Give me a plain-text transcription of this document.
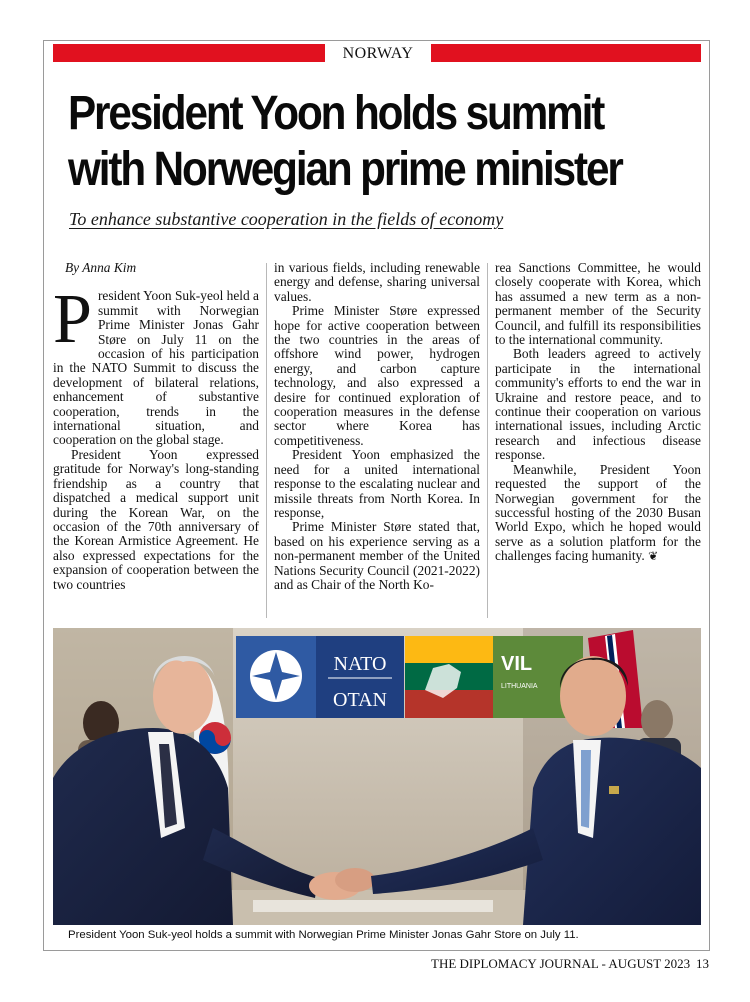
NORWAY
President Yoon holds summit
with Norwegian prime minister

To enhance substantive cooperation in the fields of economy

By Anna Kim

President Yoon Suk-yeol held a summit with Norwegian Prime Minister Jonas Gahr Støre on July 11 on the occasion of his participation in the NATO Summit to discuss the development of bilateral relations, enhancement of substantive cooperation, trends in the international situation, and cooperation on the global stage.

President Yoon expressed gratitude for Norway's long-standing friendship as a country that dispatched a medical support unit during the Korean War, on the occasion of the 70th anniversary of the Korean Armistice Agreement. He also expressed expectations for the expansion of cooperation between the two countries

in various fields, including renewable energy and defense, sharing universal values.

Prime Minister Støre expressed hope for active cooperation between the two countries in the areas of offshore wind power, hydrogen energy, and carbon capture technology, and also expressed a desire for continued exploration of cooperation measures in the defense sector where Korea has competitiveness.

President Yoon emphasized the need for a united international response to the escalating nuclear and missile threats from North Korea. In response,

Prime Minister Støre stated that, based on his experience serving as a non-permanent member of the United Nations Security Council (2021-2022) and as Chair of the North Ko-

rea Sanctions Committee, he would closely cooperate with Korea, which has assumed a new term as a non-permanent member of the Security Council, and fulfill its responsibilities to the international community.

Both leaders agreed to actively participate in the international community's efforts to end the war in Ukraine and restore peace, and to continue their cooperation on various international issues, including Arctic research and infectious disease response.

Meanwhile, President Yoon requested the support of the Norwegian government for the successful hosting of the 2030 Busan World Expo, which he hoped would serve as a solution platform for the challenges facing humanity. ❦

NATO
OTAN
VIL
LITHUANIA

President Yoon Suk-yeol holds a summit with Norwegian Prime Minister Jonas Gahr Store on July 11.

THE DIPLOMACY JOURNAL - AUGUST 2023 13
